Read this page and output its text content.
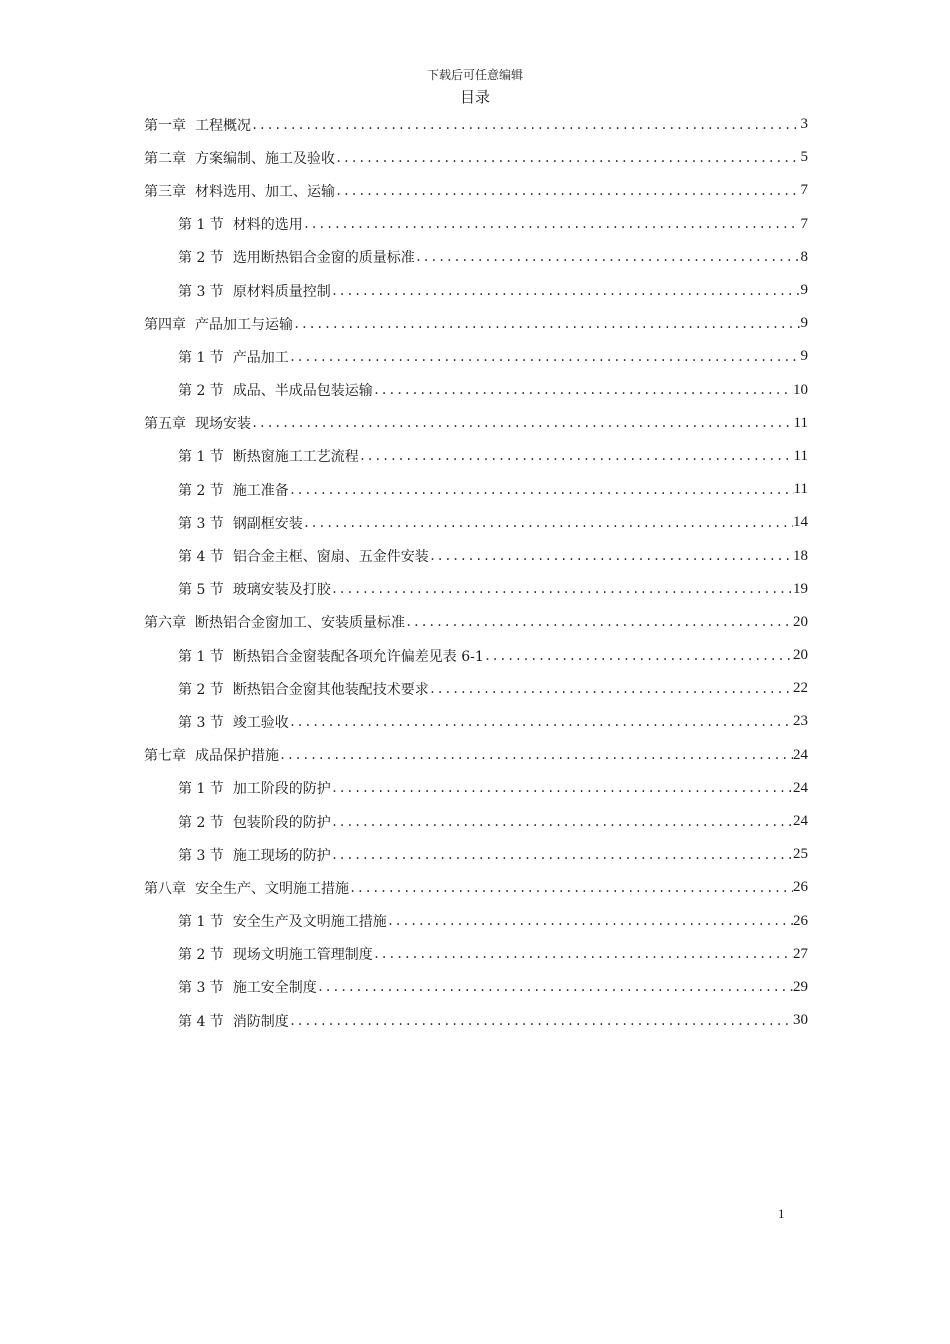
下载后可任意编辑
目录
第一章 工程概况 .....	3
第二章 方案编制、施工及验收 .....	5
第三章 材料选用、加工、运输 .....	7
第 1 节 材料的选用 .....	7
第 2 节 选用断热铝合金窗的质量标准 .....	8
第 3 节 原材料质量控制 .....	9
第四章 产品加工与运输 .....	9
第 1 节 产品加工 .....	9
第 2 节 成品、半成品包装运输 .....	10
第五章 现场安装 .....	11
第 1 节 断热窗施工工艺流程 .....	11
第 2 节 施工准备 .....	11
第 3 节 钢副框安装 .....	14
第 4 节 铝合金主框、窗扇、五金件安装 .....	18
第 5 节 玻璃安装及打胶 .....	19
第六章 断热铝合金窗加工、安装质量标准 .....	20
第 1 节 断热铝合金窗装配各项允许偏差见表 6-1 .....	20
第 2 节 断热铝合金窗其他装配技术要求 .....	22
第 3 节 竣工验收 .....	23
第七章 成品保护措施 .....	24
第 1 节 加工阶段的防护 .....	24
第 2 节 包装阶段的防护 .....	24
第 3 节 施工现场的防护 .....	25
第八章 安全生产、文明施工措施 .....	26
第 1 节 安全生产及文明施工措施 .....	26
第 2 节 现场文明施工管理制度 .....	27
第 3 节 施工安全制度 .....	29
第 4 节 消防制度 .....	30
1
